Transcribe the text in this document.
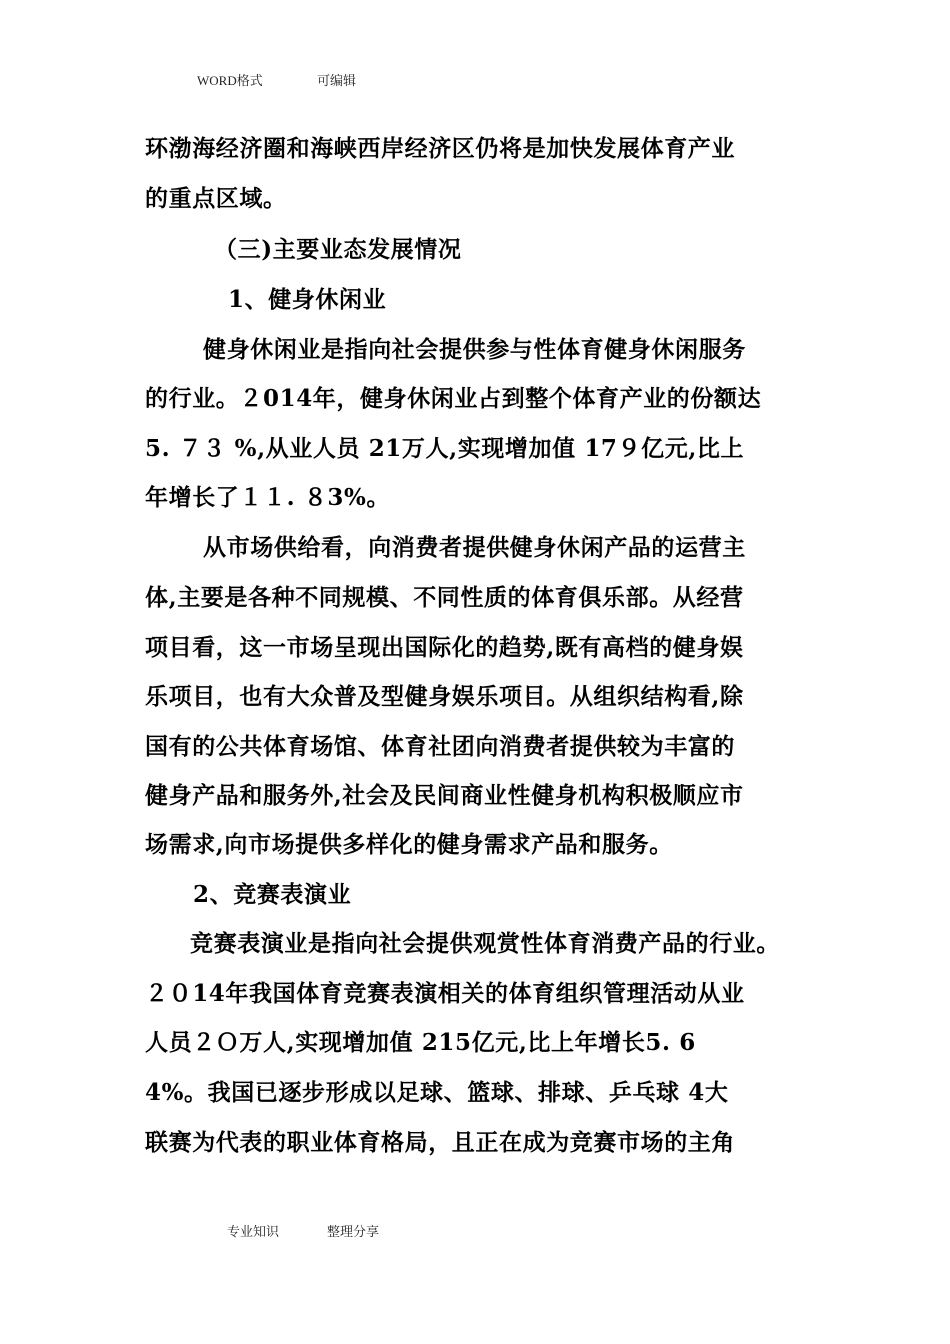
WORD格式	可编辑
环渤海经济圈和海峡西岸经济区仍将是加快发展体育产业
的重点区域。
（三)主要业态发展情况
1、健身休闲业
健身休闲业是指向社会提供参与性体育健身休闲服务
的行业。２014年，健身休闲业占到整个体育产业的份额达
5. ７３ %,从业人员 21万人,实现增加值 17９亿元,比上
年增长了１１. ８3%。
从市场供给看，向消费者提供健身休闲产品的运营主
体,主要是各种不同规模、不同性质的体育俱乐部。从经营
项目看，这一市场呈现出国际化的趋势,既有高档的健身娱
乐项目，也有大众普及型健身娱乐项目。从组织结构看,除
国有的公共体育场馆、体育社团向消费者提供较为丰富的
健身产品和服务外,社会及民间商业性健身机构积极顺应市
场需求,向市场提供多样化的健身需求产品和服务。
2、竞赛表演业
竞赛表演业是指向社会提供观赏性体育消费产品的行业。
２０14年我国体育竞赛表演相关的体育组织管理活动从业
人员２Ｏ万人,实现增加值 215亿元,比上年增长5. 6
4%。我国已逐步形成以足球、篮球、排球、乒乓球 4大
联赛为代表的职业体育格局，且正在成为竞赛市场的主角
专业知识	整理分享
